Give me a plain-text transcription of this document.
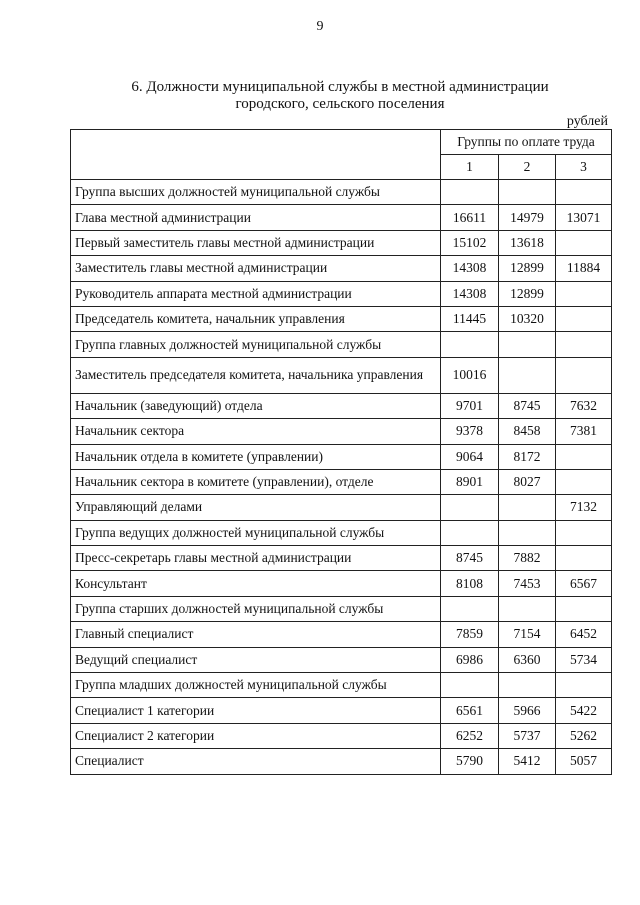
9
6. Должности муниципальной службы в местной администрации
городского, сельского поселения
рублей
	Группы по оплате труда		
	1	2	3
Группа высших должностей муниципальной службы			
Глава местной администрации	16611	14979	13071
Первый заместитель главы местной администрации	15102	13618	
Заместитель главы местной администрации	14308	12899	11884
Руководитель аппарата местной администрации	14308	12899	
Председатель комитета, начальник управления	11445	10320	
Группа главных должностей муниципальной службы			
Заместитель председателя комитета, начальника управления	10016		
Начальник (заведующий) отдела	9701	8745	7632
Начальник сектора	9378	8458	7381
Начальник отдела в комитете (управлении)	9064	8172	
Начальник сектора в комитете (управлении), отделе	8901	8027	
Управляющий делами			7132
Группа ведущих должностей муниципальной службы			
Пресс-секретарь главы местной администрации	8745	7882	
Консультант	8108	7453	6567
Группа старших должностей муниципальной службы			
Главный специалист	7859	7154	6452
Ведущий специалист	6986	6360	5734
Группа младших должностей муниципальной службы			
Специалист 1 категории	6561	5966	5422
Специалист 2 категории	6252	5737	5262
Специалист	5790	5412	5057
